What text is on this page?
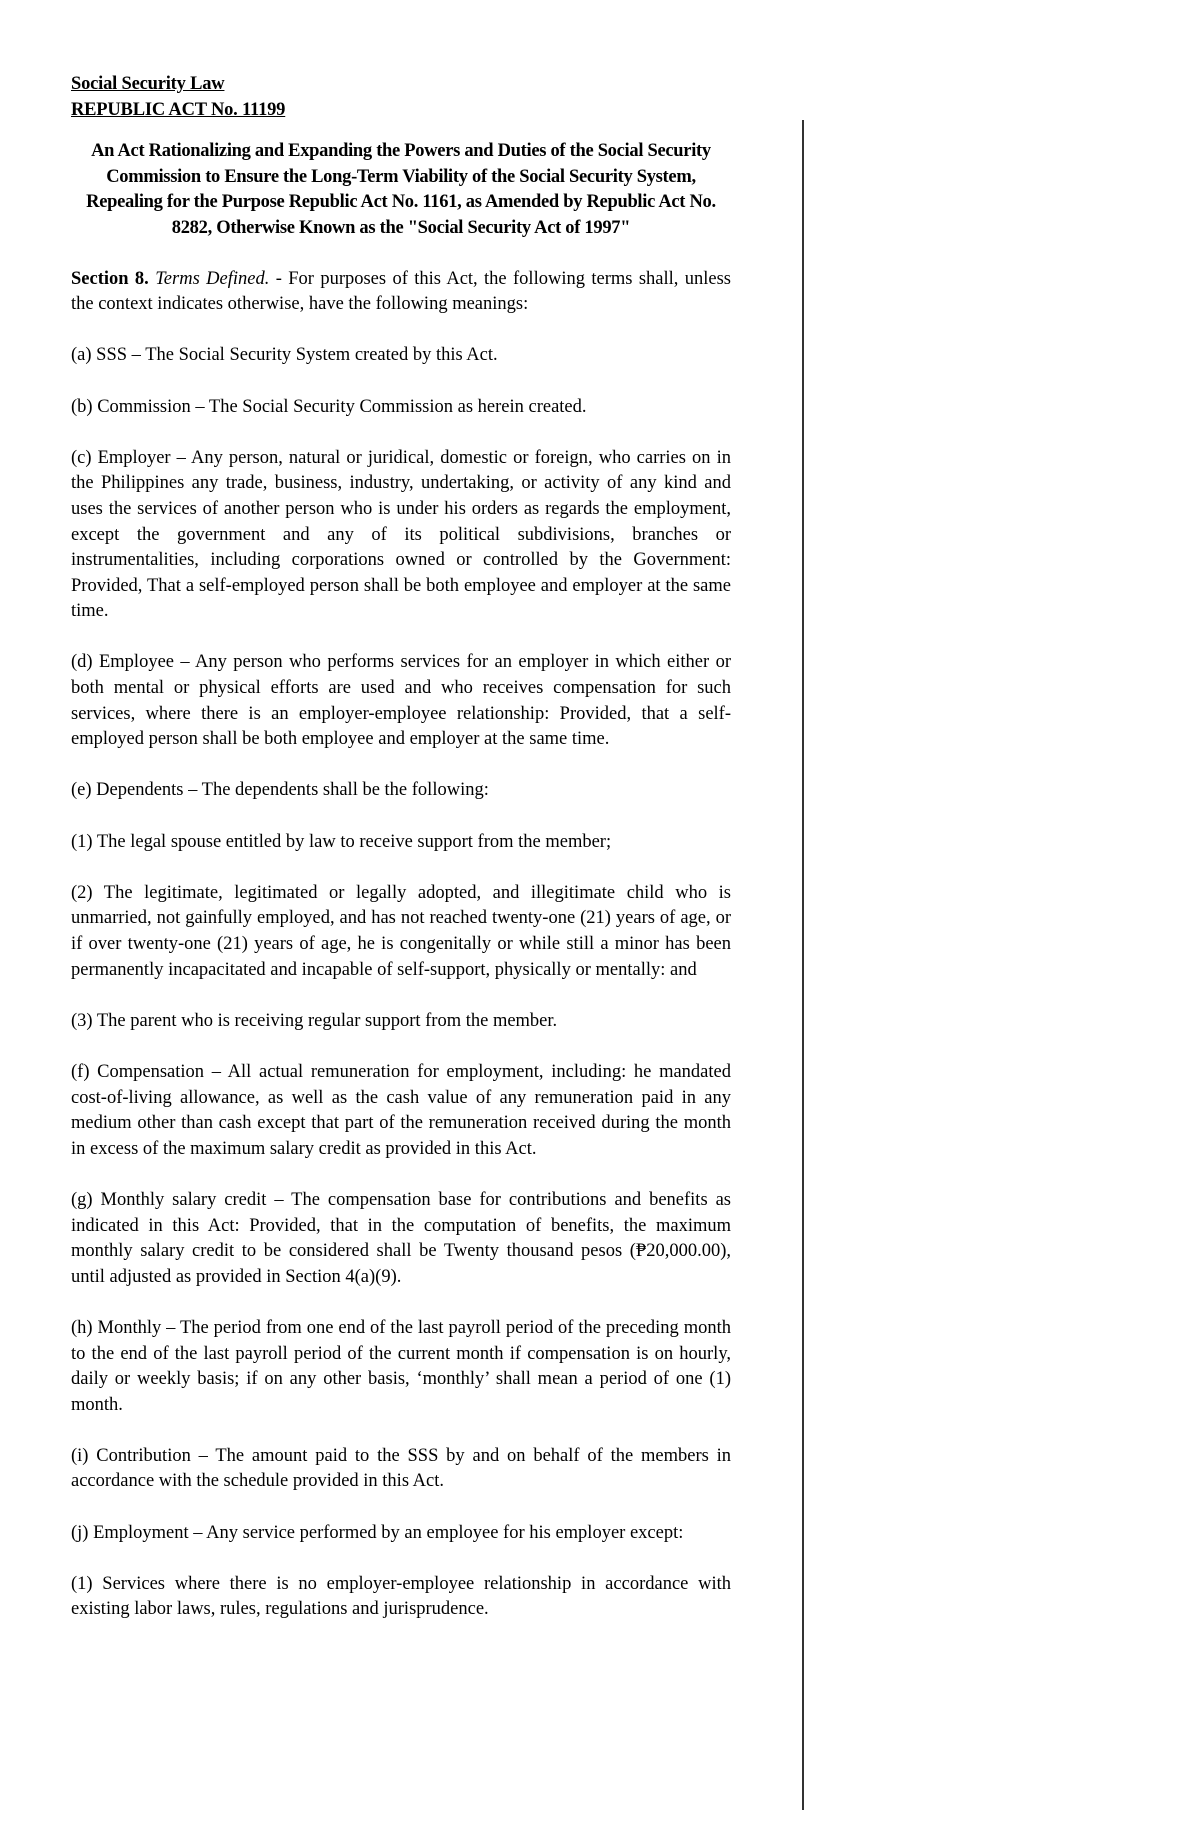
Social Security Law
REPUBLIC ACT No. 11199
An Act Rationalizing and Expanding the Powers and Duties of the Social Security Commission to Ensure the Long-Term Viability of the Social Security System, Repealing for the Purpose Republic Act No. 1161, as Amended by Republic Act No. 8282, Otherwise Known as the "Social Security Act of 1997"

Section 8. Terms Defined. - For purposes of this Act, the following terms shall, unless the context indicates otherwise, have the following meanings:

(a) SSS – The Social Security System created by this Act.

(b) Commission – The Social Security Commission as herein created.

(c) Employer – Any person, natural or juridical, domestic or foreign, who carries on in the Philippines any trade, business, industry, undertaking, or activity of any kind and uses the services of another person who is under his orders as regards the employment, except the government and any of its political subdivisions, branches or instrumentalities, including corporations owned or controlled by the Government: Provided, That a self-employed person shall be both employee and employer at the same time.

(d) Employee – Any person who performs services for an employer in which either or both mental or physical efforts are used and who receives compensation for such services, where there is an employer-employee relationship: Provided, that a self-employed person shall be both employee and employer at the same time.

(e) Dependents – The dependents shall be the following:

(1) The legal spouse entitled by law to receive support from the member;

(2) The legitimate, legitimated or legally adopted, and illegitimate child who is unmarried, not gainfully employed, and has not reached twenty-one (21) years of age, or if over twenty-one (21) years of age, he is congenitally or while still a minor has been permanently incapacitated and incapable of self-support, physically or mentally: and

(3) The parent who is receiving regular support from the member.

(f) Compensation – All actual remuneration for employment, including: he mandated cost-of-living allowance, as well as the cash value of any remuneration paid in any medium other than cash except that part of the remuneration received during the month in excess of the maximum salary credit as provided in this Act.

(g) Monthly salary credit – The compensation base for contributions and benefits as indicated in this Act: Provided, that in the computation of benefits, the maximum monthly salary credit to be considered shall be Twenty thousand pesos (₱20,000.00), until adjusted as provided in Section 4(a)(9).

(h) Monthly – The period from one end of the last payroll period of the preceding month to the end of the last payroll period of the current month if compensation is on hourly, daily or weekly basis; if on any other basis, ‘monthly’ shall mean a period of one (1) month.

(i) Contribution – The amount paid to the SSS by and on behalf of the members in accordance with the schedule provided in this Act.

(j) Employment – Any service performed by an employee for his employer except:

(1) Services where there is no employer-employee relationship in accordance with existing labor laws, rules, regulations and jurisprudence.
